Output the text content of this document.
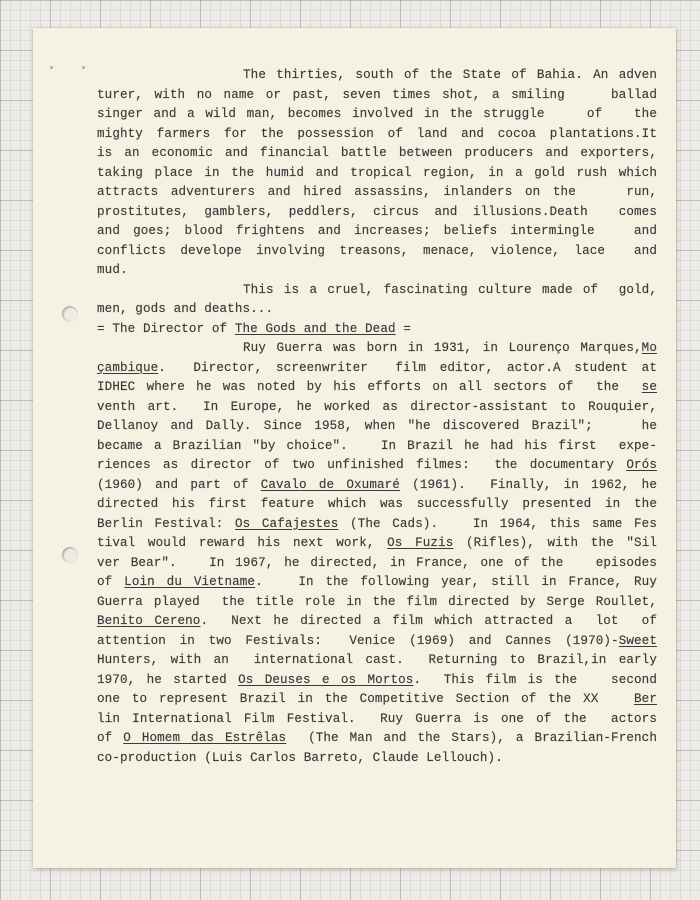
The thirties, south of the State of Bahia. An adven
turer, with no name or past, seven times shot, a smiling    ballad
singer and a wild man, becomes involved in the struggle    of   the
mighty farmers for the possession of land and cocoa plantations.It
is an economic and financial battle between producers and exporters,
taking place in the humid and tropical region, in a gold rush which
attracts adventurers and hired assassins, inlanders on the    run,
prostitutes, gamblers, peddlers, circus and illusions.Death  comes
and goes; blood frightens and increases; beliefs intermingle   and
conflicts develope involving treasons, menace, violence, lace  and
mud.
This is a cruel, fascinating culture made of  gold,
men, gods and deaths...
= The Director of The Gods and the Dead =
Ruy Guerra was born in 1931, in Lourenço Marques,Mo
çambique.  Director, screenwriter  film editor, actor.A student at
IDHEC where he was noted by his efforts on all sectors of  the  se
venth art.  In Europe, he worked as director-assistant to Rouquier,
Dellanoy and Dally. Since 1958, when "he discovered Brazil";    he
became a Brazilian "by choice".   In Brazil he had his first  expe-
riences as director of two unfinished filmes:  the documentary Orós
(1960) and part of Cavalo de Oxumaré (1961).  Finally, in 1962, he
directed his first feature which was successfully presented in the
Berlin Festival: Os Cafajestes (The Cads).   In 1964, this same Fes
tival would reward his next work, Os Fuzis (Rifles), with the "Sil
ver Bear".   In 1967, he directed, in France, one of the   episodes
of Loin du Vietname.   In the following year, still in France, Ruy
Guerra played  the title role in the film directed by Serge Roullet,
Benito Cereno.  Next he directed a film which attracted a  lot  of
attention in two Festivals:  Venice (1969) and Cannes (1970)-Sweet
Hunters, with an  international cast.  Returning to Brazil,in early
1970, he started Os Deuses e os Mortos.  This film is the   second
one to represent Brazil in the Competitive Section of the XX   Ber
lin International Film Festival.  Ruy Guerra is one of the  actors
of O Homem das Estrêlas  (The Man and the Stars), a Brazilian-French
co-production (Luis Carlos Barreto, Claude Lellouch).
